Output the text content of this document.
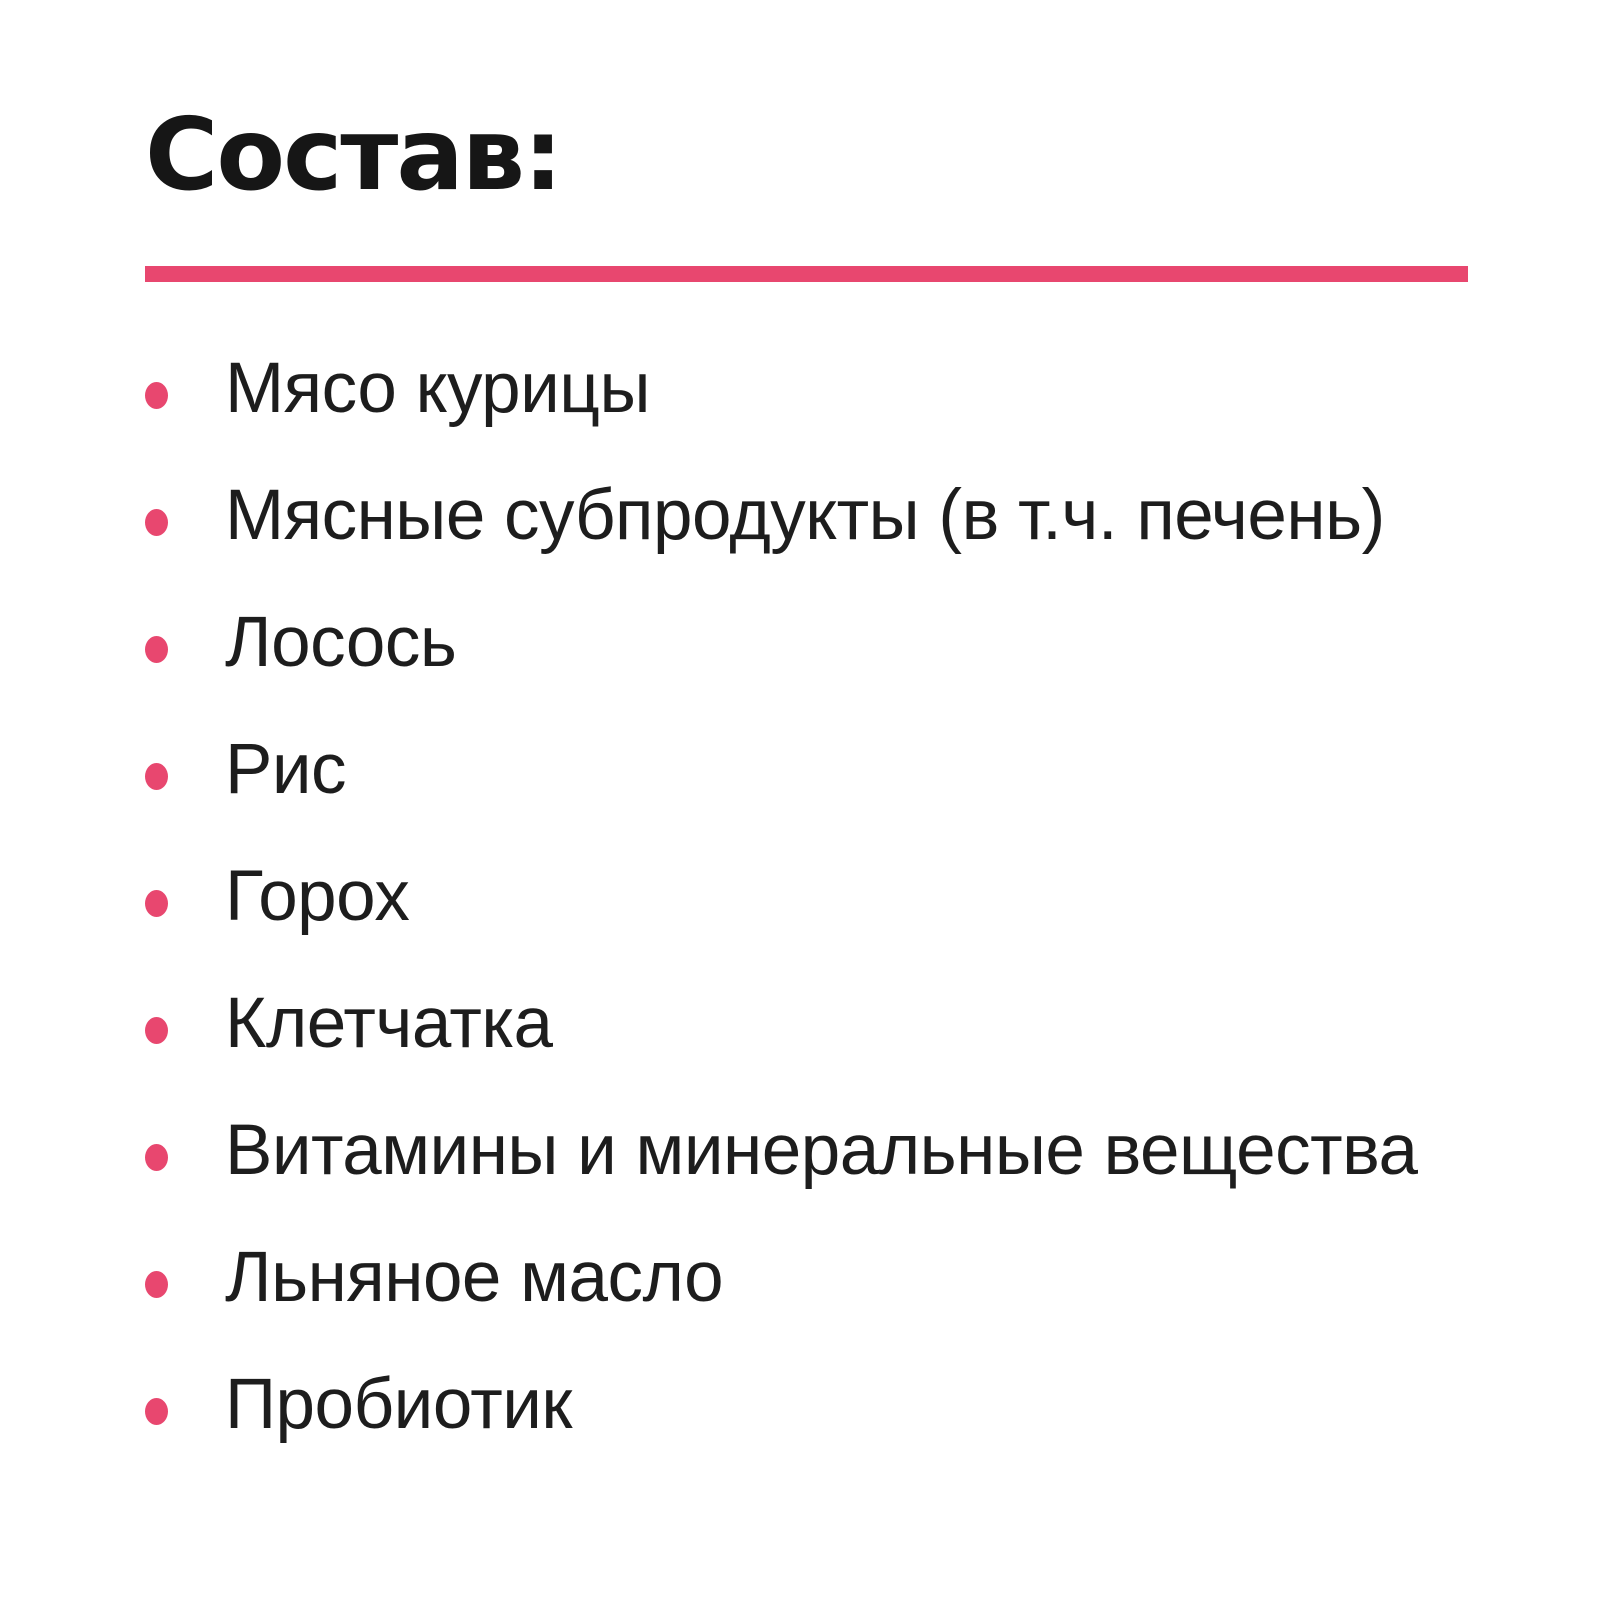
Состав:
Мясо курицы
Мясные субпродукты (в т.ч. печень)
Лосось
Рис
Горох
Клетчатка
Витамины и минеральные вещества
Льняное масло
Пробиотик
